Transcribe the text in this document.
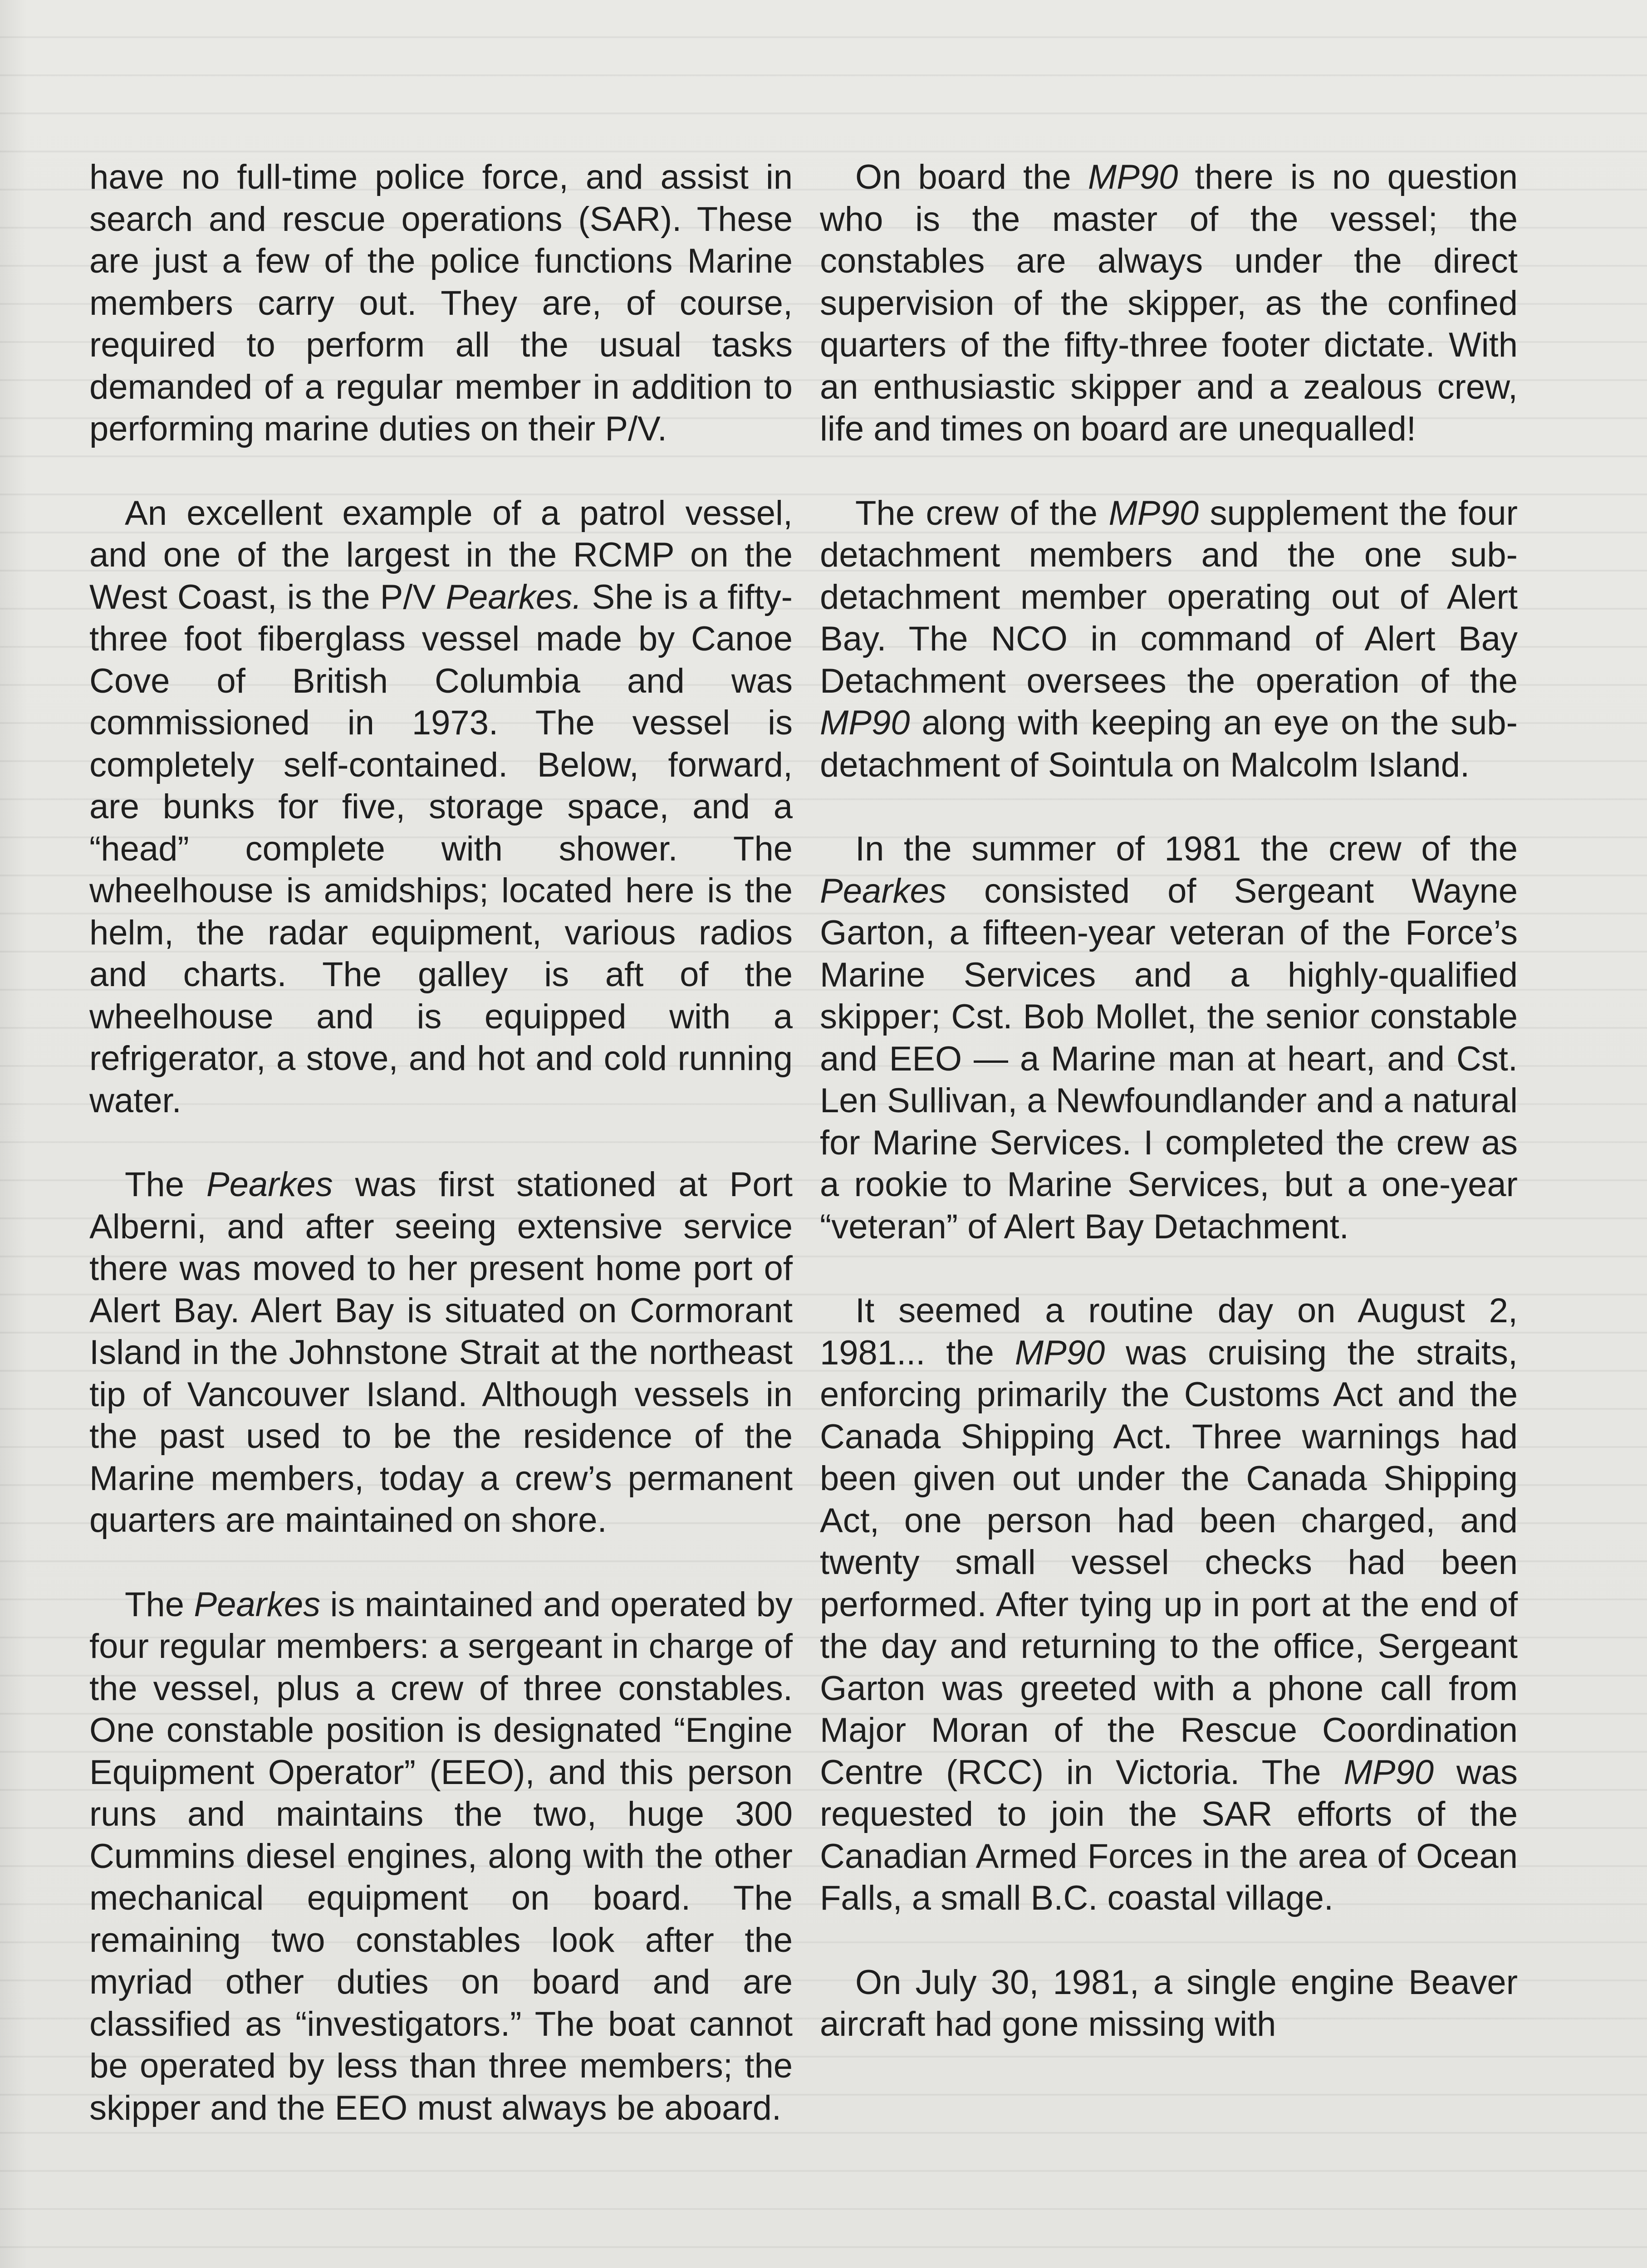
have no full-time police force, and assist in search and rescue operations (SAR). These are just a few of the police functions Marine members carry out. They are, of course, required to perform all the usual tasks demanded of a regular member in addition to performing marine duties on their P/V.

An excellent example of a patrol vessel, and one of the largest in the RCMP on the West Coast, is the P/V Pearkes. She is a fifty-three foot fiberglass vessel made by Canoe Cove of British Columbia and was commissioned in 1973. The vessel is completely self-contained. Below, forward, are bunks for five, storage space, and a “head” complete with shower. The wheelhouse is amidships; located here is the helm, the radar equipment, various radios and charts. The galley is aft of the wheelhouse and is equipped with a refrigerator, a stove, and hot and cold running water.

The Pearkes was first stationed at Port Alberni, and after seeing extensive service there was moved to her present home port of Alert Bay. Alert Bay is situated on Cormorant Island in the Johnstone Strait at the northeast tip of Vancouver Island. Although vessels in the past used to be the residence of the Marine members, today a crew’s permanent quarters are maintained on shore.

The Pearkes is maintained and operated by four regular members: a sergeant in charge of the vessel, plus a crew of three constables. One constable position is designated “Engine Equipment Operator” (EEO), and this person runs and maintains the two, huge 300 Cummins diesel engines, along with the other mechanical equipment on board. The remaining two constables look after the myriad other duties on board and are classified as “investigators.” The boat cannot be operated by less than three members; the skipper and the EEO must always be aboard.

On board the MP90 there is no question who is the master of the vessel; the constables are always under the direct supervision of the skipper, as the confined quarters of the fifty-three footer dictate. With an enthusiastic skipper and a zealous crew, life and times on board are unequalled!

The crew of the MP90 supplement the four detachment members and the one sub-detachment member operating out of Alert Bay. The NCO in command of Alert Bay Detachment oversees the operation of the MP90 along with keeping an eye on the sub-detachment of Sointula on Malcolm Island.

In the summer of 1981 the crew of the Pearkes consisted of Sergeant Wayne Garton, a fifteen-year veteran of the Force’s Marine Services and a highly-qualified skipper; Cst. Bob Mollet, the senior constable and EEO — a Marine man at heart, and Cst. Len Sullivan, a Newfoundlander and a natural for Marine Services. I completed the crew as a rookie to Marine Services, but a one-year “veteran” of Alert Bay Detachment.

It seemed a routine day on August 2, 1981... the MP90 was cruising the straits, enforcing primarily the Customs Act and the Canada Shipping Act. Three warnings had been given out under the Canada Shipping Act, one person had been charged, and twenty small vessel checks had been performed. After tying up in port at the end of the day and returning to the office, Sergeant Garton was greeted with a phone call from Major Moran of the Rescue Coordination Centre (RCC) in Victoria. The MP90 was requested to join the SAR efforts of the Canadian Armed Forces in the area of Ocean Falls, a small B.C. coastal village.

On July 30, 1981, a single engine Beaver aircraft had gone missing with
